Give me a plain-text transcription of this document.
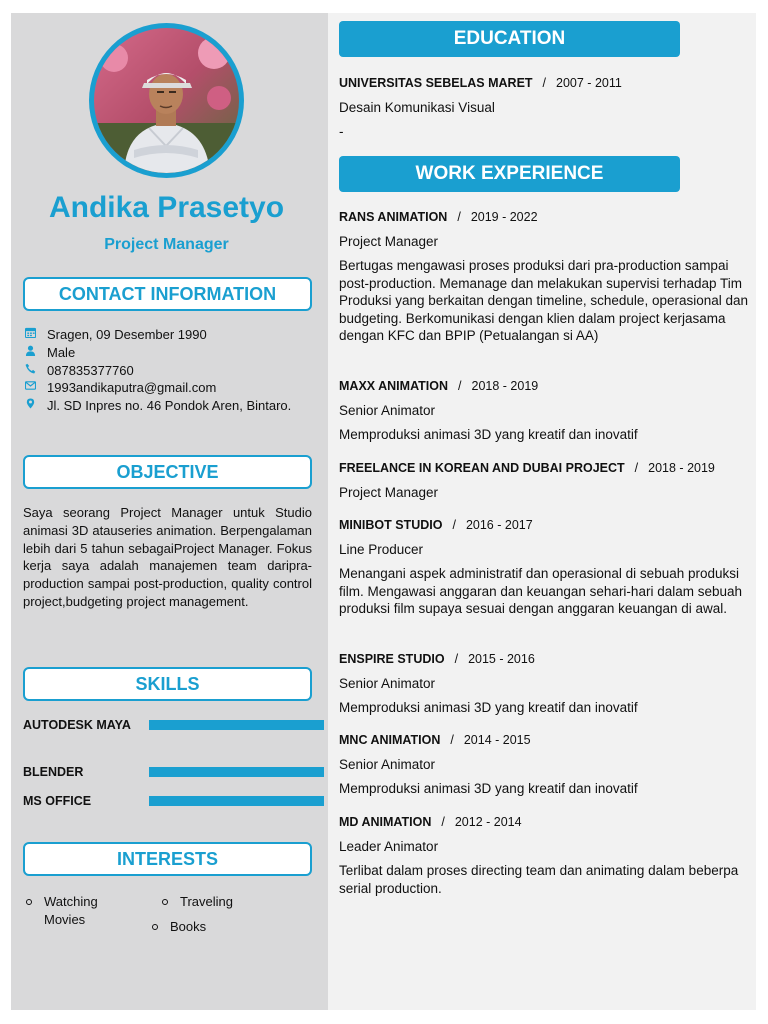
Andika Prasetyo
Project Manager
CONTACT INFORMATION
Sragen, 09 Desember 1990
Male
087835377760
1993andikaputra@gmail.com
Jl. SD Inpres no. 46 Pondok Aren, Bintaro.
OBJECTIVE
Saya seorang Project Manager untuk Studio animasi 3D atauseries animation. Berpengalaman lebih dari 5 tahun sebagaiProject Manager. Fokus kerja saya adalah manajemen team daripra-production sampai post-production, quality control project,budgeting project management.
SKILLS
AUTODESK MAYA
BLENDER
MS OFFICE
INTERESTS
Watching Movies
Traveling
Books
EDUCATION
UNIVERSITAS SEBELAS MARET / 2007 - 2011
Desain Komunikasi Visual
-
WORK EXPERIENCE
RANS ANIMATION / 2019 - 2022
Project Manager
Bertugas mengawasi proses produksi dari pra-production sampai post-production. Memanage dan melakukan supervisi terhadap Tim Produksi yang berkaitan dengan timeline, schedule, operasional dan budgeting. Berkomunikasi dengan klien dalam project kerjasama dengan KFC dan BPIP (Petualangan si AA)
MAXX ANIMATION / 2018 - 2019
Senior Animator
Memproduksi animasi 3D yang kreatif dan inovatif
FREELANCE IN KOREAN AND DUBAI PROJECT / 2018 - 2019
Project Manager
MINIBOT STUDIO / 2016 - 2017
Line Producer
Menangani aspek administratif dan operasional di sebuah produksi film. Mengawasi anggaran dan keuangan sehari-hari dalam sebuah produksi film supaya sesuai dengan anggaran keuangan di awal.
ENSPIRE STUDIO / 2015 - 2016
Senior Animator
Memproduksi animasi 3D yang kreatif dan inovatif
MNC ANIMATION / 2014 - 2015
Senior Animator
Memproduksi animasi 3D yang kreatif dan inovatif
MD ANIMATION / 2012 - 2014
Leader Animator
Terlibat dalam proses directing team dan animating dalam beberpa serial production.
